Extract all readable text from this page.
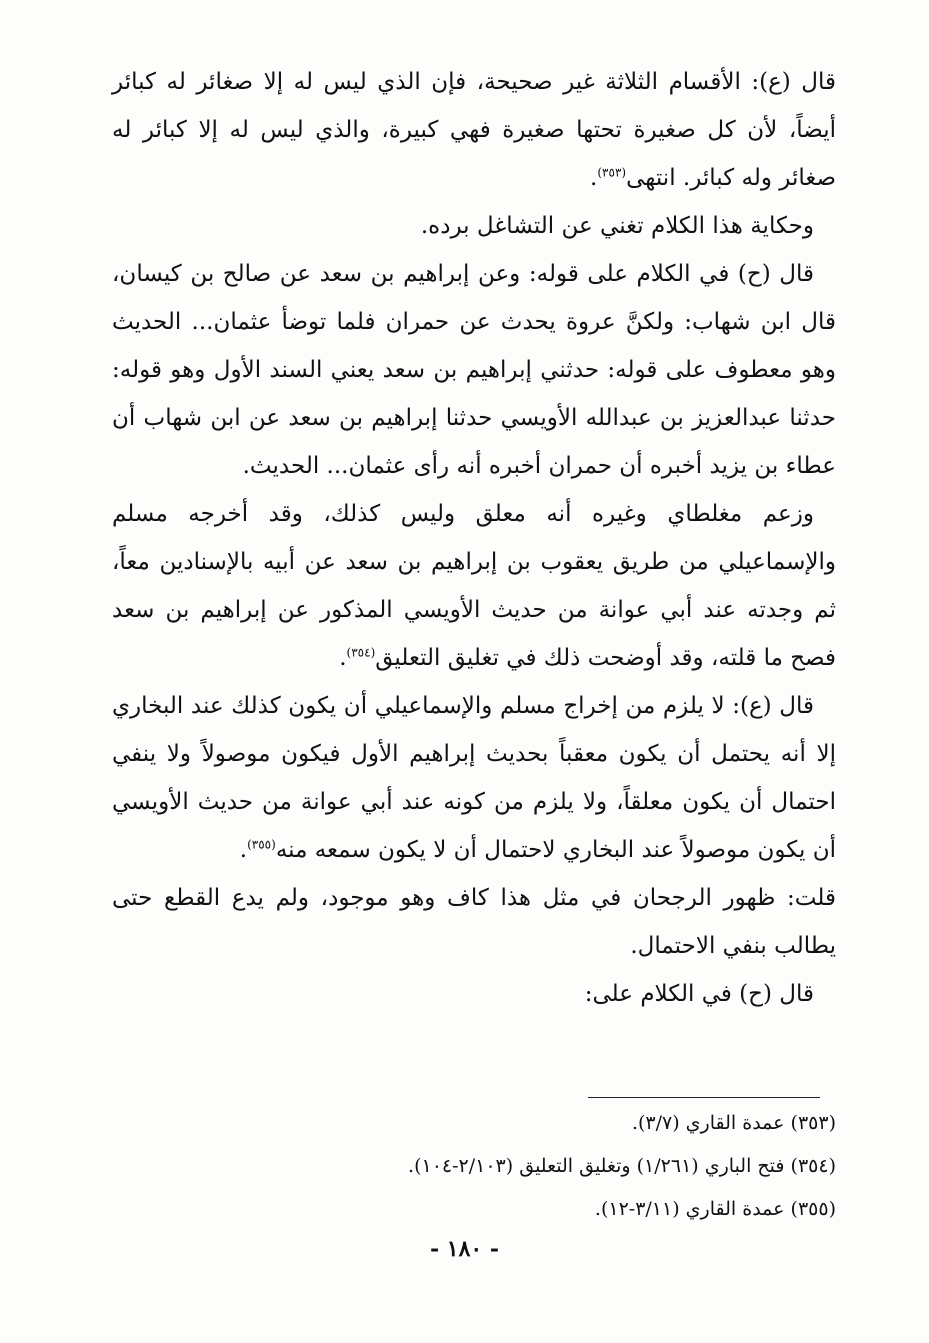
قال (ع): الأقسام الثلاثة غير صحيحة، فإن الذي ليس له إلا صغائر له كبائر أيضاً، لأن كل صغيرة تحتها صغيرة فهي كبيرة، والذي ليس له إلا كبائر له صغائر وله كبائر. انتهى$^{(٣٥٣)}$.

وحكاية هذا الكلام تغني عن التشاغل برده.

قال (ح) في الكلام على قوله: وعن إبراهيم بن سعد عن صالح بن كيسان، قال ابن شهاب: ولكنَّ عروة يحدث عن حمران فلما توضأ عثمان... الحديث وهو معطوف على قوله: حدثني إبراهيم بن سعد يعني السند الأول وهو قوله: حدثنا عبدالعزيز بن عبدالله الأويسي حدثنا إبراهيم بن سعد عن ابن شهاب أن عطاء بن يزيد أخبره أن حمران أخبره أنه رأى عثمان... الحديث.

وزعم مغلطاي وغيره أنه معلق وليس كذلك، وقد أخرجه مسلم والإسماعيلي من طريق يعقوب بن إبراهيم بن سعد عن أبيه بالإسنادين معاً، ثم وجدته عند أبي عوانة من حديث الأويسي المذكور عن إبراهيم بن سعد فصح ما قلته، وقد أوضحت ذلك في تغليق التعليق$^{(٣٥٤)}$.

قال (ع): لا يلزم من إخراج مسلم والإسماعيلي أن يكون كذلك عند البخاري إلا أنه يحتمل أن يكون معقباً بحديث إبراهيم الأول فيكون موصولاً ولا ينفي احتمال أن يكون معلقاً، ولا يلزم من كونه عند أبي عوانة من حديث الأويسي أن يكون موصولاً عند البخاري لاحتمال أن لا يكون سمعه منه$^{(٣٥٥)}$.

قلت: ظهور الرجحان في مثل هذا كاف وهو موجود، ولم يدع القطع حتى يطالب بنفي الاحتمال.

قال (ح) في الكلام على:

(٣٥٣) عمدة القاري (٣/٧).

(٣٥٤) فتح الباري (١/٢٦١) وتغليق التعليق (٢/١٠٣-١٠٤).

(٣٥٥) عمدة القاري (٣/١١-١٢).

- ١٨٠ -
